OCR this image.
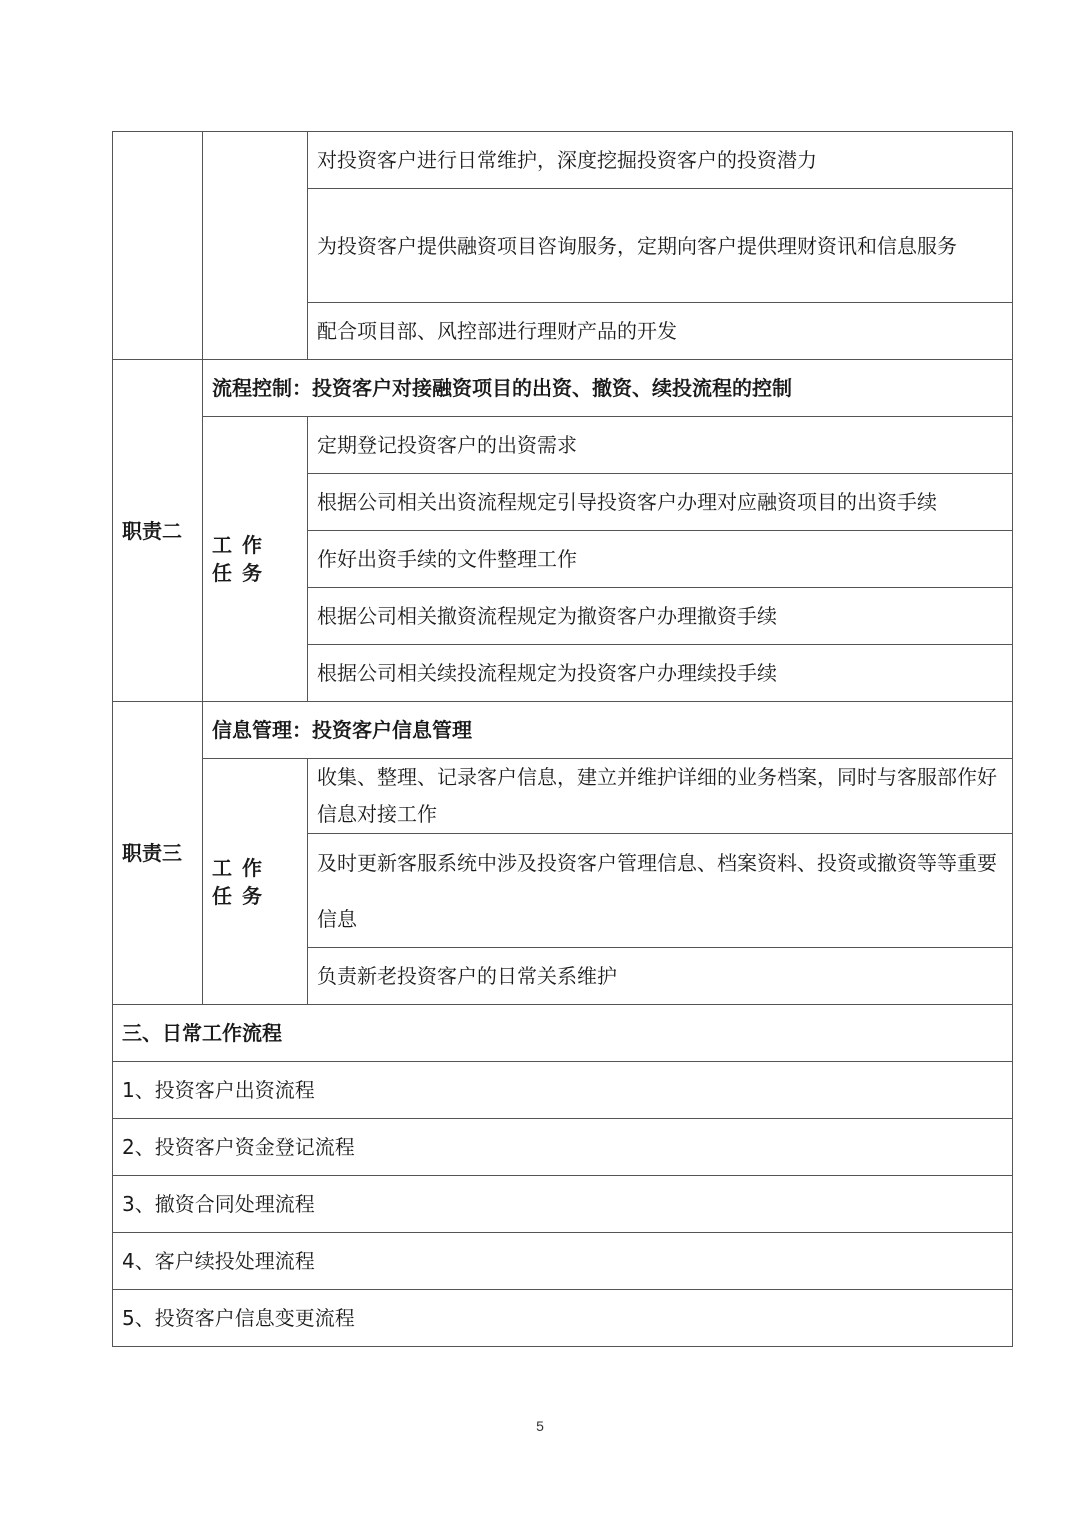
		对投资客户进行日常维护，深度挖掘投资客户的投资潜力
		为投资客户提供融资项目咨询服务，定期向客户提供理财资讯和信息服务
		配合项目部、风控部进行理财产品的开发
职责二	流程控制：投资客户对接融资项目的出资、撤资、续投流程的控制	
	工作任务	定期登记投资客户的出资需求
		根据公司相关出资流程规定引导投资客户办理对应融资项目的出资手续
		作好出资手续的文件整理工作
		根据公司相关撤资流程规定为撤资客户办理撤资手续
		根据公司相关续投流程规定为投资客户办理续投手续
职责三	信息管理：投资客户信息管理	
	工作任务	收集、整理、记录客户信息，建立并维护详细的业务档案，同时与客服部作好信息对接工作
		及时更新客服系统中涉及投资客户管理信息、档案资料、投资或撤资等等重要信息
		负责新老投资客户的日常关系维护
三、日常工作流程		
1、投资客户出资流程		
2、投资客户资金登记流程		
3、撤资合同处理流程		
4、客户续投处理流程		
5、投资客户信息变更流程		
5
